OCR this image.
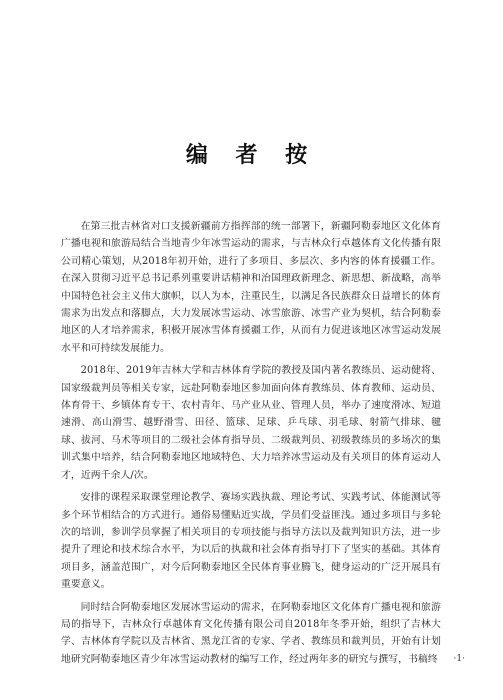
编 者 按

在第三批吉林省对口支援新疆前方指挥部的统一部署下，新疆阿勒泰地区文化体育广播电视和旅游局结合当地青少年冰雪运动的需求，与吉林众行卓越体育文化传播有限公司精心策划，从2018年初开始，进行了多项目、多层次、多内容的体育援疆工作。在深入贯彻习近平总书记系列重要讲话精神和治国理政新理念、新思想、新战略，高举中国特色社会主义伟大旗帜，以人为本，注重民生，以满足各民族群众日益增长的体育需求为出发点和落脚点，大力发展冰雪运动、冰雪旅游、冰雪产业为契机，结合阿勒泰地区的人才培养需求，积极开展冰雪体育援疆工作，从而有力促进该地区冰雪运动发展水平和可持续发展能力。

2018年、2019年吉林大学和吉林体育学院的教授及国内著名教练员、运动健将、国家级裁判员等相关专家，远赴阿勒泰地区参加面向体育教练员、体育教师、运动员、体育骨干、乡镇体育专干、农村青年、马产业从业、管理人员，举办了速度滑冰、短道速滑、高山滑雪、越野滑雪、田径、篮球、足球、乒乓球、羽毛球、射箭气排球、毽球、拔河、马术等项目的二级社会体育指导员、二级裁判员、初级教练员的多场次的集训式集中培养，结合阿勒泰地区地域特色、大力培养冰雪运动及有关项目的体育运动人才，近两千余人/次。

安排的课程采取课堂理论教学、赛场实践执裁、理论考试、实践考试、体能测试等多个环节相结合的方式进行。通俗易懂贴近实战，学员们受益匪浅。通过多项目与多轮次的培训，参训学员掌握了相关项目的专项技能与指导方法以及裁判知识方法，进一步提升了理论和技术综合水平，为以后的执裁和社会体育指导打下了坚实的基础。其体育项目多，涵盖范围广，对今后阿勒泰地区全民体育事业腾飞，健身运动的广泛开展具有重要意义。

同时结合阿勒泰地区发展冰雪运动的需求，在阿勒泰地区文化体育广播电视和旅游局的指导下，吉林众行卓越体育文化传播有限公司自2018年冬季开始，组织了吉林大学、吉林体育学院以及吉林省、黑龙江省的专家、学者、教练员和裁判员，开始有计划地研究阿勒泰地区青少年冰雪运动教材的编写工作，经过两年多的研究与撰写，书稿终	·1·
